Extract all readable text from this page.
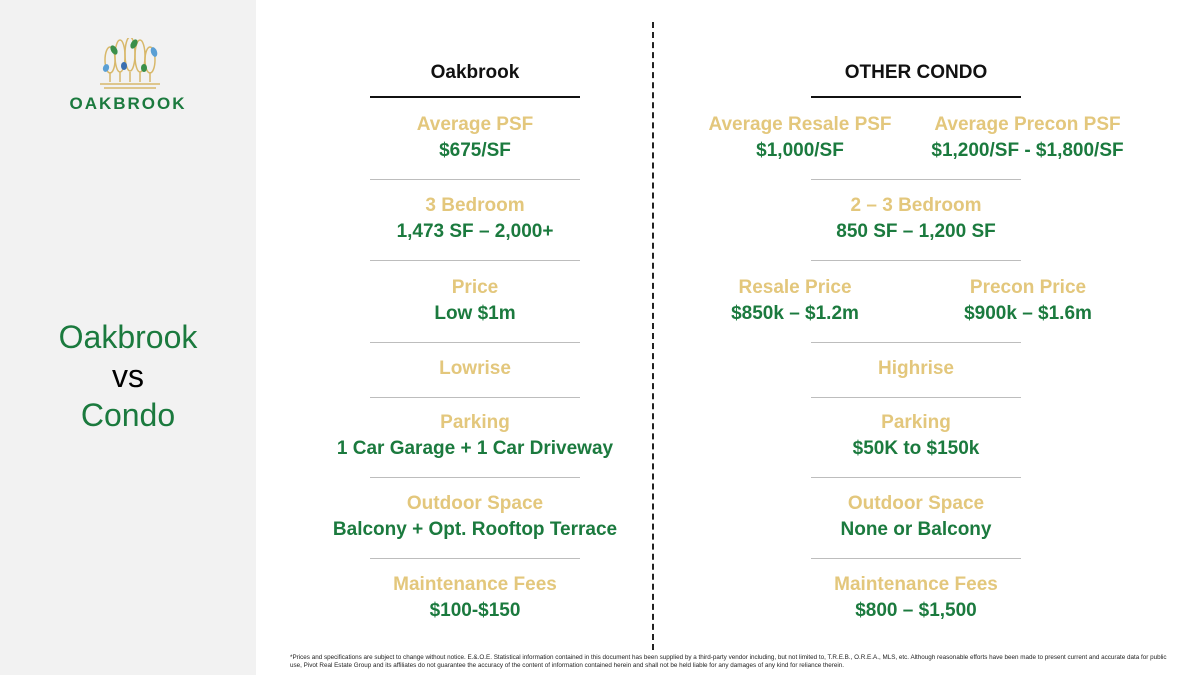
OAKBROOK
Oakbrook
vs
Condo
Oakbrook
Average PSF
$675/SF
3 Bedroom
1,473 SF – 2,000+
Price
Low $1m
Lowrise
Parking
1 Car Garage + 1 Car Driveway
Outdoor Space
Balcony + Opt. Rooftop Terrace
Maintenance Fees
$100-$150
OTHER CONDO
Average Resale PSF
$1,000/SF
Average Precon PSF
$1,200/SF - $1,800/SF
2 – 3 Bedroom
850 SF – 1,200 SF
Resale Price
$850k – $1.2m
Precon Price
$900k – $1.6m
Highrise
Parking
$50K to $150k
Outdoor Space
None or Balcony
Maintenance Fees
$800 – $1,500
*Prices and specifications are subject to change without notice. E.&.O.E. Statistical information contained in this document has been supplied by a third-party vendor including, but not limited to, T.R.E.B., O.R.E.A., MLS, etc. Although reasonable efforts have been made to present current and accurate data for public use, Pivot Real Estate Group and its affiliates do not guarantee the accuracy of the content of information contained herein and shall not be held liable for any damages of any kind for reliance therein.
